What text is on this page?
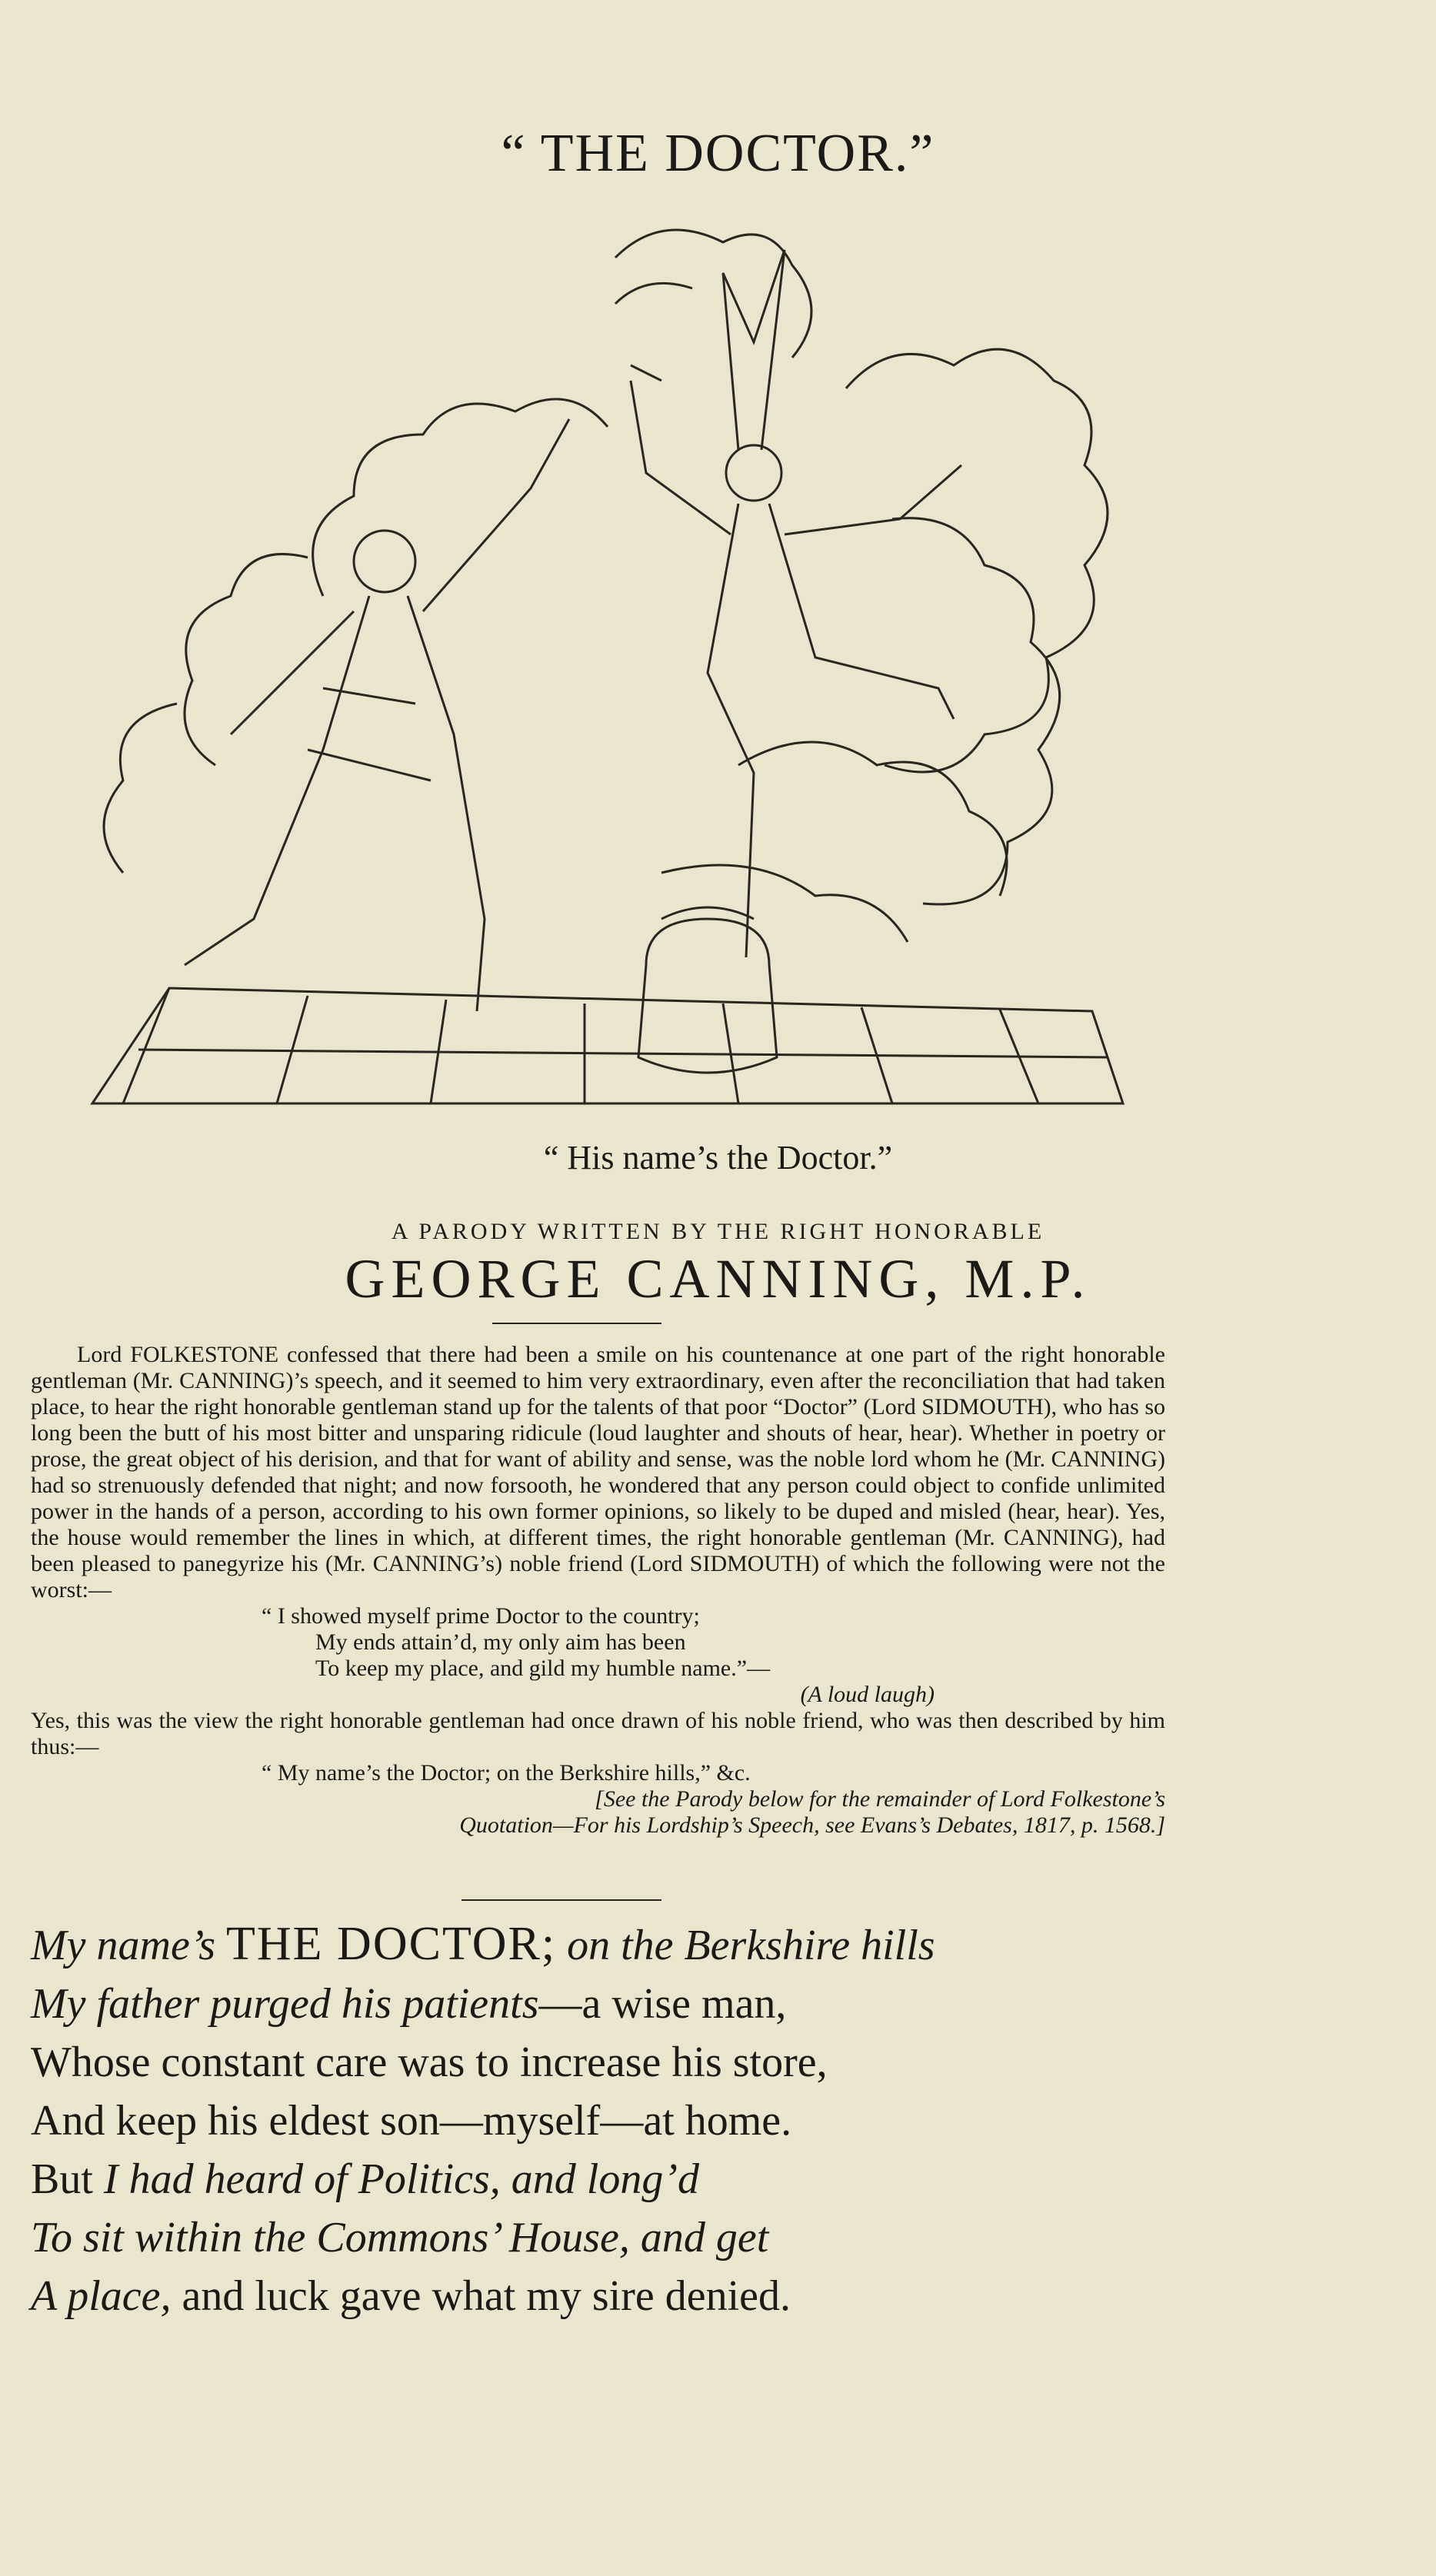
“ THE DOCTOR.”
“ His name’s the Doctor.”
A PARODY WRITTEN BY THE RIGHT HONORABLE
GEORGE CANNING, M.P.

Lord FOLKESTONE confessed that there had been a smile on his countenance at one part of the right honorable gentleman (Mr. CANNING)’s speech, and it seemed to him very extraordinary, even after the reconciliation that had taken place, to hear the right honorable gentleman stand up for the talents of that poor “Doctor” (Lord SIDMOUTH), who has so long been the butt of his most bitter and unsparing ridicule (loud laughter and shouts of hear, hear). Whether in poetry or prose, the great object of his derision, and that for want of ability and sense, was the noble lord whom he (Mr. CANNING) had so strenuously defended that night; and now forsooth, he wondered that any person could object to confide unlimited power in the hands of a person, according to his own former opinions, so likely to be duped and misled (hear, hear). Yes, the house would remember the lines in which, at different times, the right honorable gentleman (Mr. CANNING), had been pleased to panegyrize his (Mr. CANNING’s) noble friend (Lord SIDMOUTH) of which the following were not the worst:—

“ I showed myself prime Doctor to the country;

My ends attain’d, my only aim has been

To keep my place, and gild my humble name.”—

(A loud laugh)

Yes, this was the view the right honorable gentleman had once drawn of his noble friend, who was then described by him thus:—

“ My name’s the Doctor; on the Berkshire hills,” &c.

[See the Parody below for the remainder of Lord Folkestone’s

Quotation—For his Lordship’s Speech, see Evans’s Debates, 1817, p. 1568.]

My name’s THE DOCTOR; on the Berkshire hills

My father purged his patients—a wise man,

Whose constant care was to increase his store,

And keep his eldest son—myself—at home.

But I had heard of Politics, and long’d

To sit within the Commons’ House, and get

A place, and luck gave what my sire denied.
